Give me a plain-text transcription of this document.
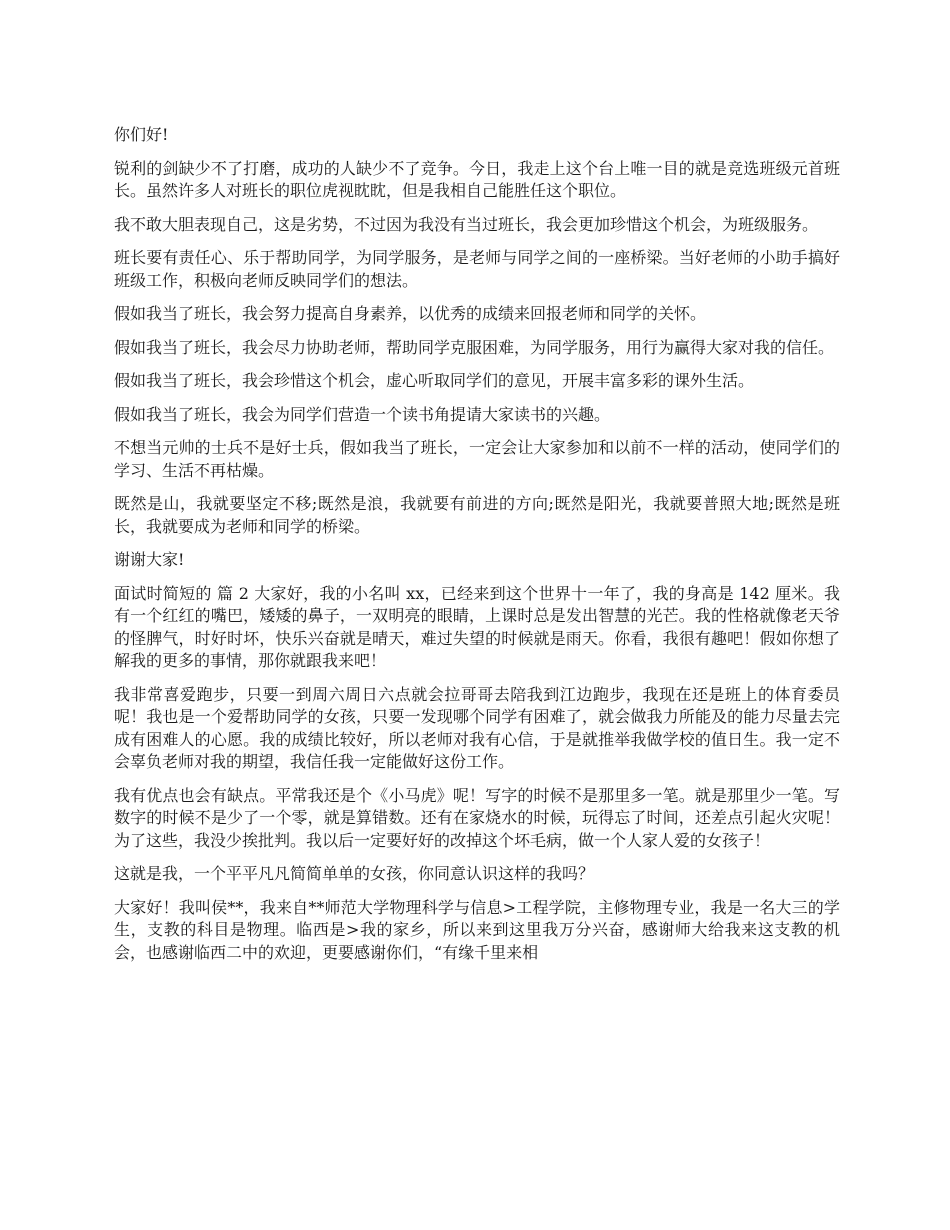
你们好!

锐利的剑缺少不了打磨，成功的人缺少不了竞争。今日，我走上这个台上唯一目的就是竞选班级元首班长。虽然许多人对班长的职位虎视眈眈，但是我相自己能胜任这个职位。

我不敢大胆表现自己，这是劣势，不过因为我没有当过班长，我会更加珍惜这个机会，为班级服务。

班长要有责任心、乐于帮助同学，为同学服务，是老师与同学之间的一座桥梁。当好老师的小助手搞好班级工作，积极向老师反映同学们的想法。

假如我当了班长，我会努力提高自身素养，以优秀的成绩来回报老师和同学的关怀。

假如我当了班长，我会尽力协助老师，帮助同学克服困难，为同学服务，用行为赢得大家对我的信任。

假如我当了班长，我会珍惜这个机会，虚心听取同学们的意见，开展丰富多彩的课外生活。

假如我当了班长，我会为同学们营造一个读书角提请大家读书的兴趣。

不想当元帅的士兵不是好士兵，假如我当了班长，一定会让大家参加和以前不一样的活动，使同学们的学习、生活不再枯燥。

既然是山，我就要坚定不移;既然是浪，我就要有前进的方向;既然是阳光，我就要普照大地;既然是班长，我就要成为老师和同学的桥梁。

谢谢大家!

面试时简短的 篇 2 大家好，我的小名叫 xx，已经来到这个世界十一年了，我的身高是 142 厘米。我有一个红红的嘴巴，矮矮的鼻子，一双明亮的眼睛，上课时总是发出智慧的光芒。我的性格就像老天爷的怪脾气，时好时坏，快乐兴奋就是晴天，难过失望的时候就是雨天。你看，我很有趣吧！假如你想了解我的更多的事情，那你就跟我来吧！

我非常喜爱跑步，只要一到周六周日六点就会拉哥哥去陪我到江边跑步，我现在还是班上的体育委员呢！我也是一个爱帮助同学的女孩，只要一发现哪个同学有困难了，就会做我力所能及的能力尽量去完成有困难人的心愿。我的成绩比较好，所以老师对我有心信，于是就推举我做学校的值日生。我一定不会辜负老师对我的期望，我信任我一定能做好这份工作。

我有优点也会有缺点。平常我还是个《小马虎》呢！写字的时候不是那里多一笔。就是那里少一笔。写数字的时候不是少了一个零，就是算错数。还有在家烧水的时候，玩得忘了时间，还差点引起火灾呢！为了这些，我没少挨批判。我以后一定要好好的改掉这个坏毛病，做一个人家人爱的女孩子！

这就是我，一个平平凡凡简简单单的女孩，你同意认识这样的我吗？

大家好！我叫侯**，我来自**师范大学物理科学与信息>工程学院，主修物理专业，我是一名大三的学生，支教的科目是物理。临西是>我的家乡，所以来到这里我万分兴奋，感谢师大给我来这支教的机会，也感谢临西二中的欢迎，更要感谢你们，“有缘千里来相
